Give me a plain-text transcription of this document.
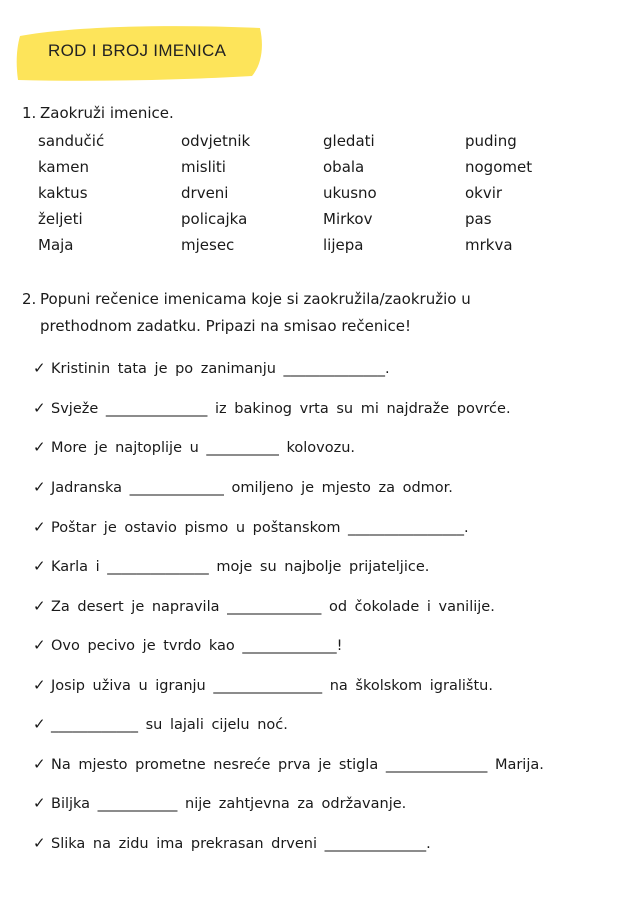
ROD I BROJ IMENICA
1. Zaokruži imenice.
sandučić
kamen
kaktus
željeti
Maja
odvjetnik
misliti
drveni
policajka
mjesec
gledati
obala
ukusno
Mirkov
lijepa
puding
nogomet
okvir
pas
mrkva
2. Popuni rečenice imenicama koje si zaokružila/zaokružio u
prethodnom zadatku. Pripazi na smisao rečenice!
✓ Kristinin tata je po zanimanju ______________.
✓ Svježe ______________ iz bakinog vrta su mi najdraže povrće.
✓ More je najtoplije u __________ kolovozu.
✓ Jadranska _____________ omiljeno je mjesto za odmor.
✓ Poštar je ostavio pismo u poštanskom ________________.
✓ Karla i ______________ moje su najbolje prijateljice.
✓ Za desert je napravila _____________ od čokolade i vanilije.
✓ Ovo pecivo je tvrdo kao _____________!
✓ Josip uživa u igranju _______________ na školskom igralištu.
✓ ____________ su lajali cijelu noć.
✓ Na mjesto prometne nesreće prva je stigla ______________ Marija.
✓ Biljka ___________ nije zahtjevna za održavanje.
✓ Slika na zidu ima prekrasan drveni ______________.
